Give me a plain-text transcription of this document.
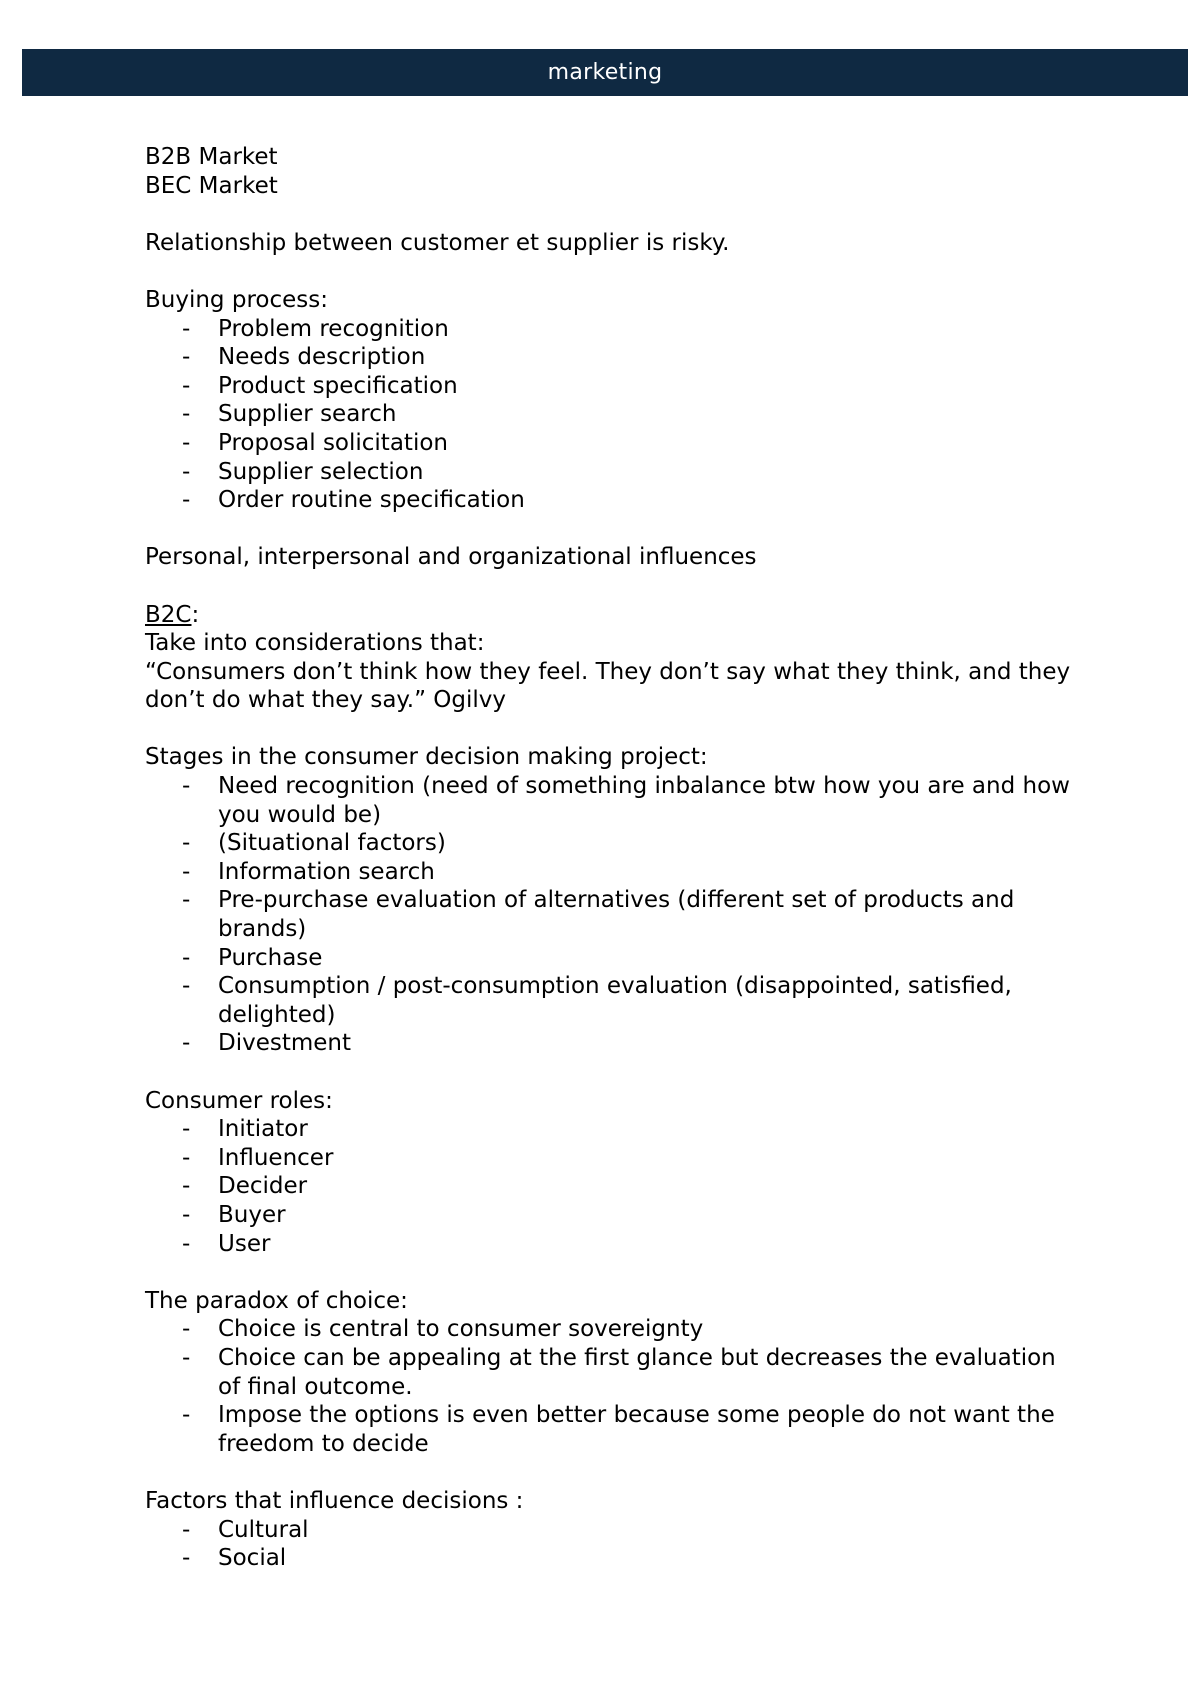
marketing

B2B Market

BEC Market

Relationship between customer et supplier is risky.

Buying process:

- Problem recognition
- Needs description
- Product specification
- Supplier search
- Proposal solicitation
- Supplier selection
- Order routine specification

Personal, interpersonal and organizational influences

B2C:

Take into considerations that:

“Consumers don’t think how they feel. They don’t say what they think, and they don’t do what they say.” Ogilvy

Stages in the consumer decision making project:

- Need recognition (need of something inbalance btw how you are and how you would be)
- (Situational factors)
- Information search
- Pre-purchase evaluation of alternatives (different set of products and brands)
- Purchase
- Consumption / post-consumption evaluation (disappointed, satisfied, delighted)
- Divestment

Consumer roles:

- Initiator
- Influencer
- Decider
- Buyer
- User

The paradox of choice:

- Choice is central to consumer sovereignty
- Choice can be appealing at the first glance but decreases the evaluation of final outcome.
- Impose the options is even better because some people do not want the freedom to decide

Factors that influence decisions :

- Cultural
- Social
